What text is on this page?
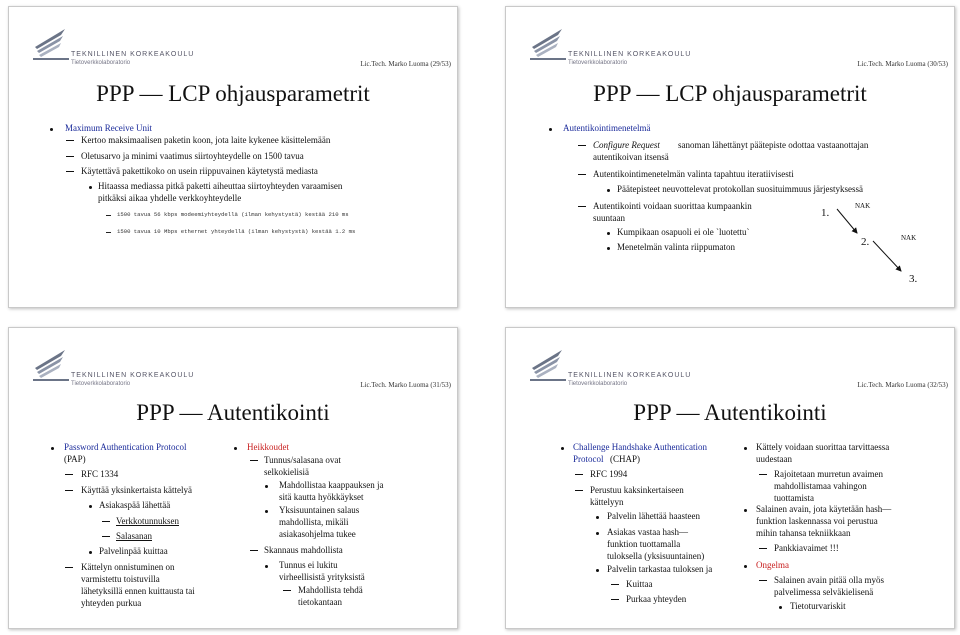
TEKNILLINEN KORKEAKOULU
Tietoverkkolaboratorio	Lic.Tech. Marko Luoma (29/53)
PPP — LCP ohjausparametrit
Maximum Receive Unit
Kertoo maksimaalisen paketin koon, jota laite kykenee käsittelemään
Oletusarvo ja minimi vaatimus siirtoyhteydelle on 1500 tavua
Käytettävä pakettikoko on usein riippuvainen käytetystä mediasta
Hitaassa mediassa pitkä paketti aiheuttaa siirtoyhteyden varaamisen
pitkäksi aikaa yhdelle verkkoyhteydelle
1500 tavua 56 kbps modeemiyhteydellä (ilman kehystystä) kestää 210 ms
1500 tavua 10 Mbps ethernet yhteydellä (ilman kehystystä) kestää 1.2 ms
TEKNILLINEN KORKEAKOULU
Tietoverkkolaboratorio	Lic.Tech. Marko Luoma (30/53)
PPP — LCP ohjausparametrit
Autentikointimenetelmä
Configure Request sanoman lähettänyt päätepiste odottaa vastaanottajan
autentikoivan itsensä
Autentikointimenetelmän valinta tapahtuu iteratiivisesti
Päätepisteet neuvottelevat protokollan suosituimmuus järjestyksessä
Autentikointi voidaan suorittaa kumpaankin
suuntaan
Kumpikaan osapuoli ei ole `luotettu`
Menetelmän valinta riippumaton
1.
NAK
2.	NAK
3.
TEKNILLINEN KORKEAKOULU
Tietoverkkolaboratorio	Lic.Tech. Marko Luoma (31/53)
PPP — Autentikointi
Password Authentication Protocol
(PAP)
RFC 1334
Käyttää yksinkertaista kättelyä
Asiakaspää lähettää
Verkkotunnuksen
Salasanan
Palvelinpää kuittaa
Kättelyn onnistuminen on
varmistettu toistuvilla
lähetyksillä ennen kuittausta tai
yhteyden purkua
Heikkoudet
Tunnus/salasana ovat
selkokielisiä
Mahdollistaa kaappauksen ja
sitä kautta hyökkäykset
Yksisuuntainen salaus
mahdollista, mikäli
asiakasohjelma tukee
Skannaus mahdollista
Tunnus ei lukitu
virheellisistä yrityksistä
Mahdollista tehdä
tietokantaan
TEKNILLINEN KORKEAKOULU
Tietoverkkolaboratorio	Lic.Tech. Marko Luoma (32/53)
PPP — Autentikointi
Challenge Handshake Authentication
Protocol (CHAP)
RFC 1994
Perustuu kaksinkertaiseen
kättelyyn
Palvelin lähettää haasteen
Asiakas vastaa hash—
funktion tuottamalla
tuloksella (yksisuuntainen)
Palvelin tarkastaa tuloksen ja
Kuittaa
Purkaa yhteyden
Kättely voidaan suorittaa tarvittaessa
uudestaan
Rajoitetaan murretun avaimen
mahdollistamaa vahingon
tuottamista
Salainen avain, jota käytetään hash—
funktion laskennassa voi perustua
mihin tahansa tekniikkaan
Pankkiavaimet !!!
Ongelma
Salainen avain pitää olla myös
palvelimessa selväkielisenä
Tietoturvariskit
